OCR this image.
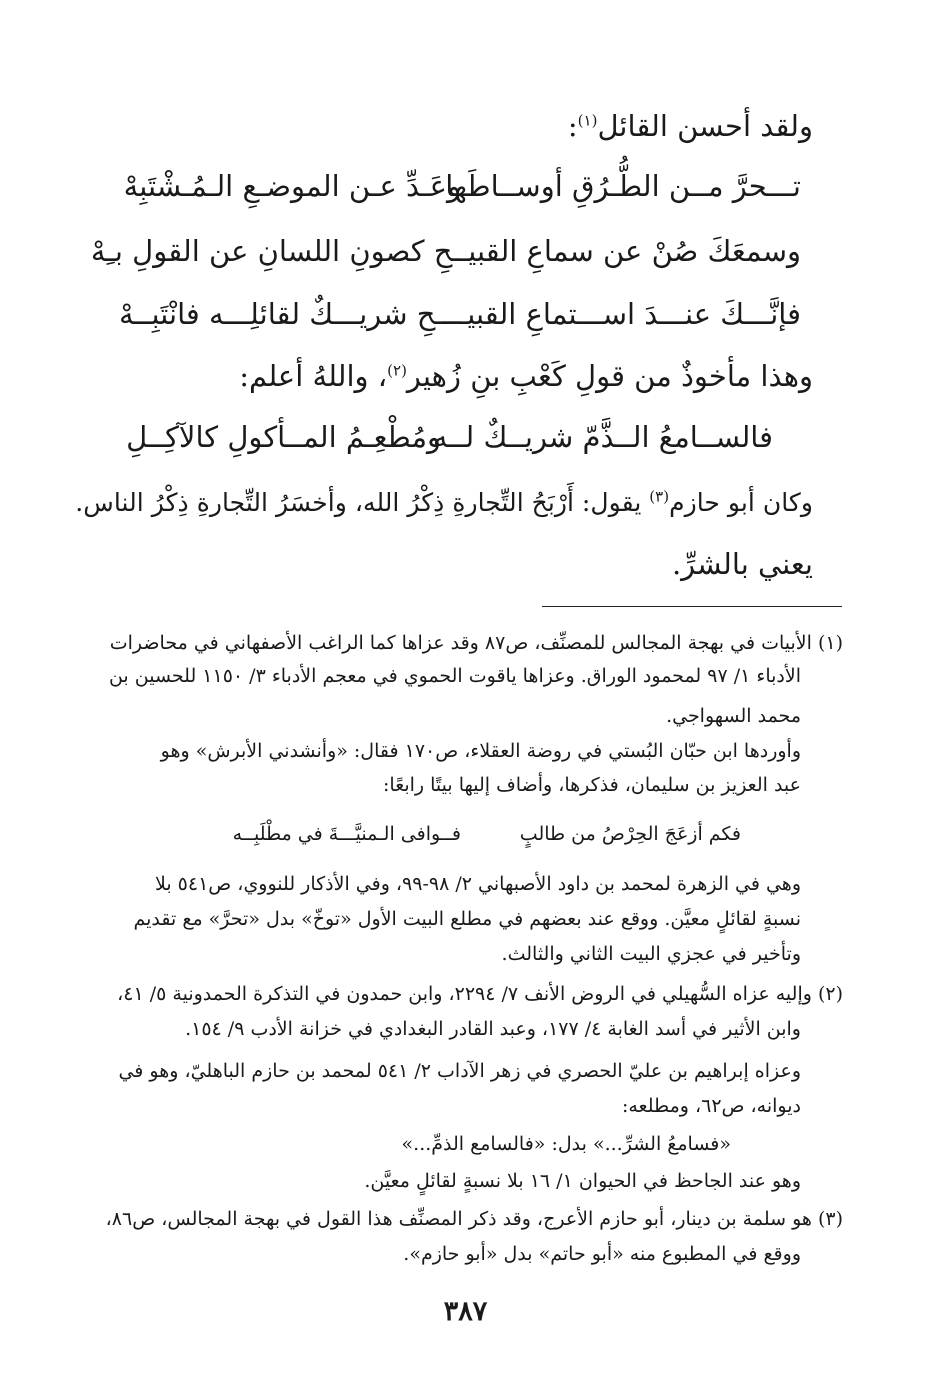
ولقد أحسن القائل$^{(١)}$:
تـــحرَّ مــن الطُّـرُقِ أوســاطَها
وعَـدِّ عـن الموضـعِ الـمُـشْتَبِهْ
وسمعَكَ صُنْ عن سماعِ القبيــ
ـحِ كصونِ اللسانِ عن القولِ بـِهْ
فإنَّـــكَ عنـــدَ اســـتماعِ القبيـــ
ـــحِ شريـــكٌ لقائلِـــه فانْتَبِــهْ
وهذا مأخوذٌ من قولِ كَعْبِ بنِ زُهير$^{(٢)}$، واللهُ أعلم:
فالســامعُ الــذَّمّ شريــكٌ لــه
ومُطْعِـمُ المــأكولِ كالآكِــلِ
وكان أبو حازم$^{(٣)}$ يقول: أَرْبَحُ التِّجارةِ ذِكْرُ الله، وأخسَرُ التِّجارةِ ذِكْرُ الناس.
يعني بالشرِّ.
(١) الأبيات في بهجة المجالس للمصنِّف، ص٨٧ وقد عزاها كما الراغب الأصفهاني في محاضرات
الأدباء ١/ ٩٧ لمحمود الوراق. وعزاها ياقوت الحموي في معجم الأدباء ٣/ ١١٥٠ للحسين بن
محمد السهواجي.
وأوردها ابن حبّان البُستي في روضة العقلاء، ص١٧٠ فقال: «وأنشدني الأبرش» وهو
عبد العزيز بن سليمان، فذكرها، وأضاف إليها بيتًا رابعًا:
فكم أزعَجَ الحِرْصُ من طالبٍ
فــوافى الـمنيَّـــةَ في مطْلَبِــه
وهي في الزهرة لمحمد بن داود الأصبهاني ٢/ ٩٨-٩٩، وفي الأذكار للنووي، ص٥٤١ بلا
نسبةٍ لقائلٍ معيَّن. ووقع عند بعضهم في مطلع البيت الأول «توخّ» بدل «تحرَّ» مع تقديم
وتأخير في عجزي البيت الثاني والثالث.
(٢) وإليه عزاه السُّهيلي في الروض الأنف ٧/ ٢٢٩٤، وابن حمدون في التذكرة الحمدونية ٥/ ٤١،
وابن الأثير في أسد الغابة ٤/ ١٧٧، وعبد القادر البغدادي في خزانة الأدب ٩/ ١٥٤.
وعزاه إبراهيم بن عليّ الحصري في زهر الآداب ٢/ ٥٤١ لمحمد بن حازم الباهليّ، وهو في
ديوانه، ص٦٢، ومطلعه:
«فسامعُ الشرِّ...» بدل: «فالسامع الذمِّ...»
وهو عند الجاحظ في الحيوان ١/ ١٦ بلا نسبةٍ لقائلٍ معيَّن.
(٣) هو سلمة بن دينار، أبو حازم الأعرج، وقد ذكر المصنِّف هذا القول في بهجة المجالس، ص٨٦،
ووقع في المطبوع منه «أبو حاتم» بدل «أبو حازم».
٣٨٧
